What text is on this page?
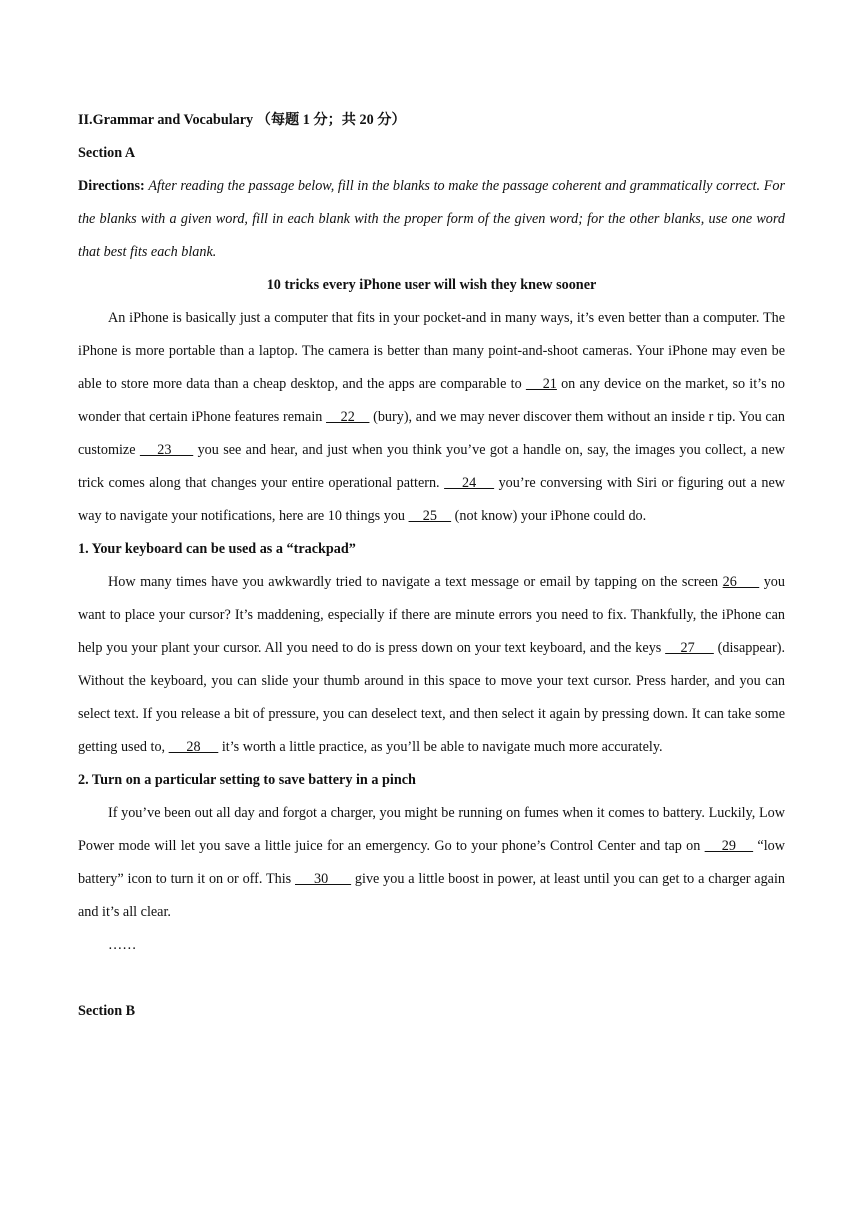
II.Grammar and Vocabulary （每题 1 分；共 20 分）

Section A

Directions: After reading the passage below, fill in the blanks to make the passage coherent and grammatically correct. For the blanks with a given word, fill in each blank with the proper form of the given word; for the other blanks, use one word that best fits each blank.

10 tricks every iPhone user will wish they knew sooner

An iPhone is basically just a computer that fits in your pocket-and in many ways, it’s even better than a computer. The iPhone is more portable than a laptop. The camera is better than many point-and-shoot cameras. Your iPhone may even be able to store more data than a cheap desktop, and the apps are comparable to     21 on any device on the market, so it’s no wonder that certain iPhone features remain     22     (bury), and we may never discover them without an inside r tip. You can customize     23      you see and hear, and just when you think you’ve got a handle on, say, the images you collect, a new trick comes along that changes your entire operational pattern.     24     you’re conversing with Siri or figuring out a new way to navigate your notifications, here are 10 things you     25     (not know) your iPhone could do.

1. Your keyboard can be used as a “trackpad”

How many times have you awkwardly tried to navigate a text message or email by tapping on the screen 26      you want to place your cursor? It’s maddening, especially if there are minute errors you need to fix. Thankfully, the iPhone can help you your plant your cursor. All you need to do is press down on your text keyboard, and the keys     27      (disappear). Without the keyboard, you can slide your thumb around in this space to move your text cursor. Press harder, and you can select text. If you release a bit of pressure, you can deselect text, and then select it again by pressing down. It can take some getting used to,      28      it’s worth a little practice, as you’ll be able to navigate much more accurately.

2. Turn on a particular setting to save battery in a pinch

If you’ve been out all day and forgot a charger, you might be running on fumes when it comes to battery. Luckily, Low Power mode will let you save a little juice for an emergency. Go to your phone’s Control Center and tap on     29     “low battery” icon to turn it on or off. This      30       give you a little boost in power, at least until you can get to a charger again and it’s all clear.

……

Section B
